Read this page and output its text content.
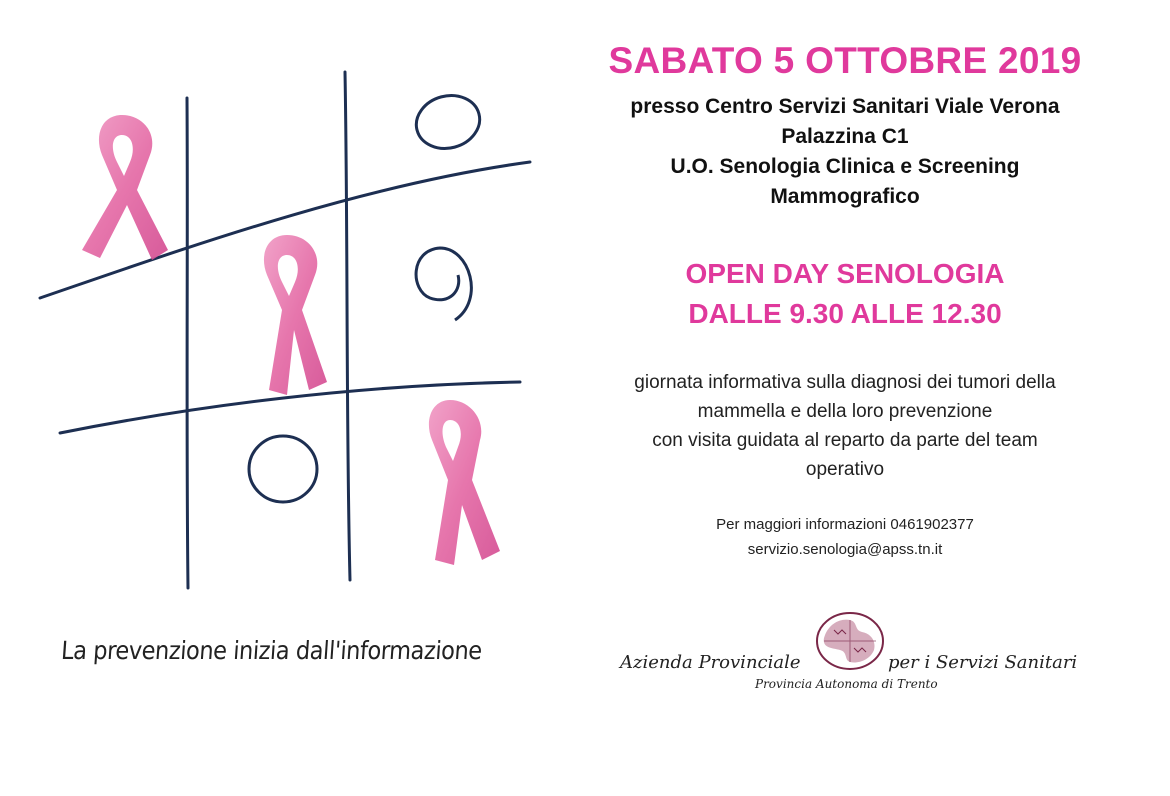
La prevenzione inizia dall'informazione
SABATO 5 OTTOBRE 2019
presso Centro Servizi Sanitari Viale Verona
Palazzina C1
U.O. Senologia Clinica e Screening
Mammografico
OPEN DAY SENOLOGIA
DALLE 9.30 ALLE 12.30
giornata informativa sulla diagnosi dei tumori della
mammella e della loro prevenzione
con visita guidata al reparto da parte del team
operativo
Per maggiori informazioni 0461902377
servizio.senologia@apss.tn.it
Azienda Provinciale	per i Servizi Sanitari
Provincia Autonoma di Trento
